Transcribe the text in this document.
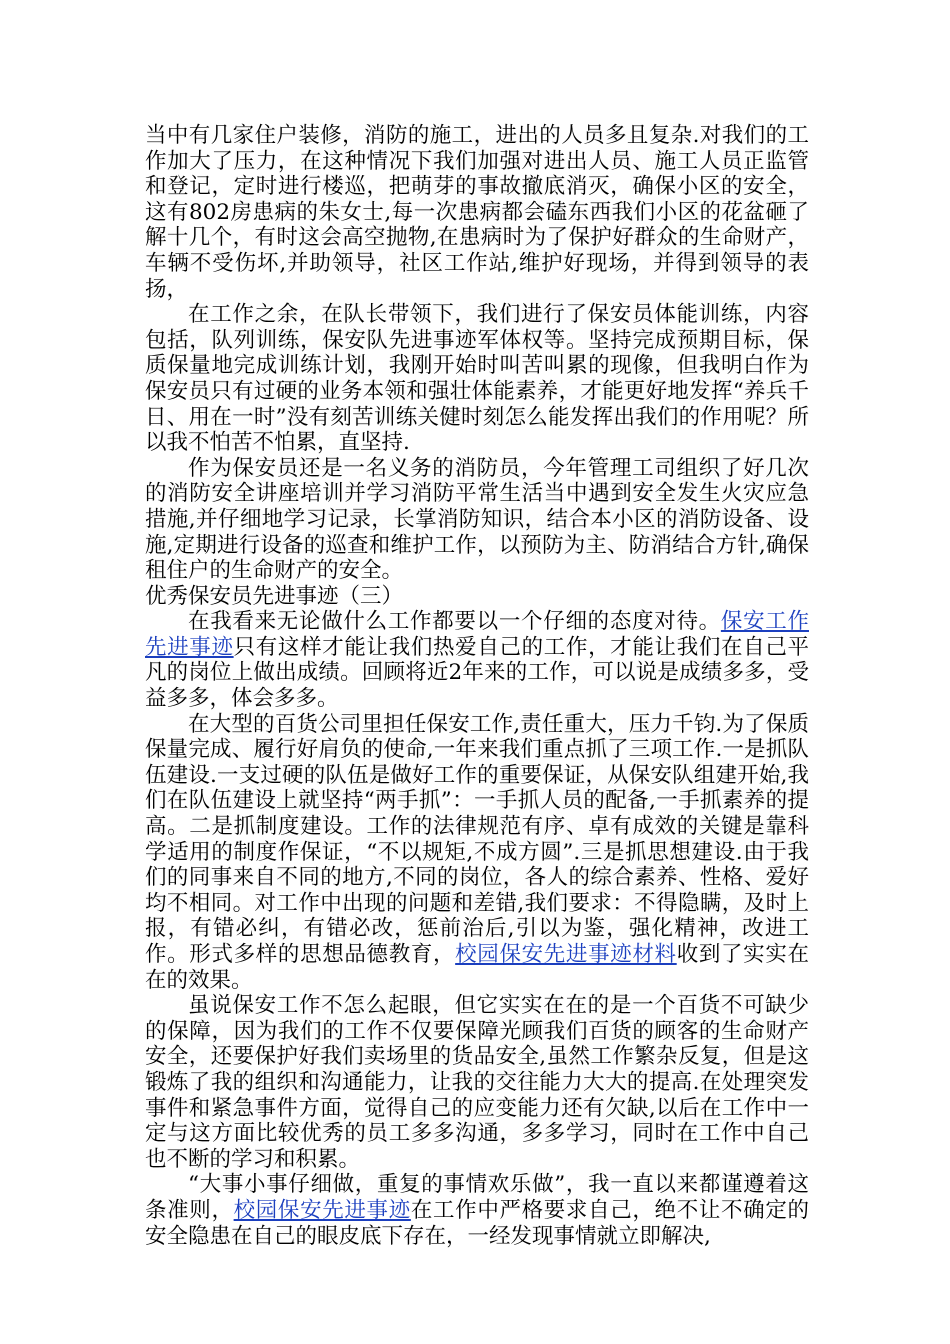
当中有几家住户装修，消防的施工，进出的人员多且复杂.对我们的工作加大了压力，在这种情况下我们加强对进出人员、施工人员正监管和登记，定时进行楼巡，把萌芽的事故撤底消灭，确保小区的安全，这有802房患病的朱女士,每一次患病都会磕东西我们小区的花盆砸了解十几个，有时这会高空抛物,在患病时为了保护好群众的生命财产，车辆不受伤坏,并助领导，社区工作站,维护好现场，并得到领导的表扬，

在工作之余，在队长带领下，我们进行了保安员体能训练，内容包括，队列训练，保安队先进事迹军体权等。坚持完成预期目标，保质保量地完成训练计划，我刚开始时叫苦叫累的现像，但我明白作为保安员只有过硬的业务本领和强壮体能素养，才能更好地发挥“养兵千日、用在一时”没有刻苦训练关健时刻怎么能发挥出我们的作用呢？所以我不怕苦不怕累，直坚持.

作为保安员还是一名义务的消防员，今年管理工司组织了好几次的消防安全讲座培训并学习消防平常生活当中遇到安全发生火灾应急措施,并仔细地学习记录，长掌消防知识，结合本小区的消防设备、设施,定期进行设备的巡查和维护工作，以预防为主、防消结合方针,确保租住户的生命财产的安全。

优秀保安员先进事迹（三）

在我看来无论做什么工作都要以一个仔细的态度对待。保安工作先进事迹只有这样才能让我们热爱自己的工作，才能让我们在自己平凡的岗位上做出成绩。回顾将近2年来的工作，可以说是成绩多多，受益多多，体会多多。

在大型的百货公司里担任保安工作,责任重大，压力千钧.为了保质保量完成、履行好肩负的使命,一年来我们重点抓了三项工作.一是抓队伍建设.一支过硬的队伍是做好工作的重要保证，从保安队组建开始,我们在队伍建设上就坚持“两手抓”：一手抓人员的配备,一手抓素养的提高。二是抓制度建设。工作的法律规范有序、卓有成效的关键是靠科学适用的制度作保证，“不以规矩,不成方圆”.三是抓思想建设.由于我们的同事来自不同的地方,不同的岗位，各人的综合素养、性格、爱好均不相同。对工作中出现的问题和差错,我们要求：不得隐瞒，及时上报，有错必纠，有错必改，惩前治后,引以为鉴，强化精神，改进工作。形式多样的思想品德教育，校园保安先进事迹材料收到了实实在在的效果。

虽说保安工作不怎么起眼，但它实实在在的是一个百货不可缺少的保障，因为我们的工作不仅要保障光顾我们百货的顾客的生命财产安全，还要保护好我们卖场里的货品安全,虽然工作繁杂反复，但是这锻炼了我的组织和沟通能力，让我的交往能力大大的提高.在处理突发事件和紧急事件方面，觉得自己的应变能力还有欠缺,以后在工作中一定与这方面比较优秀的员工多多沟通，多多学习，同时在工作中自己也不断的学习和积累。

“大事小事仔细做，重复的事情欢乐做”，我一直以来都谨遵着这条准则，校园保安先进事迹在工作中严格要求自己，绝不让不确定的安全隐患在自己的眼皮底下存在，一经发现事情就立即解决,
